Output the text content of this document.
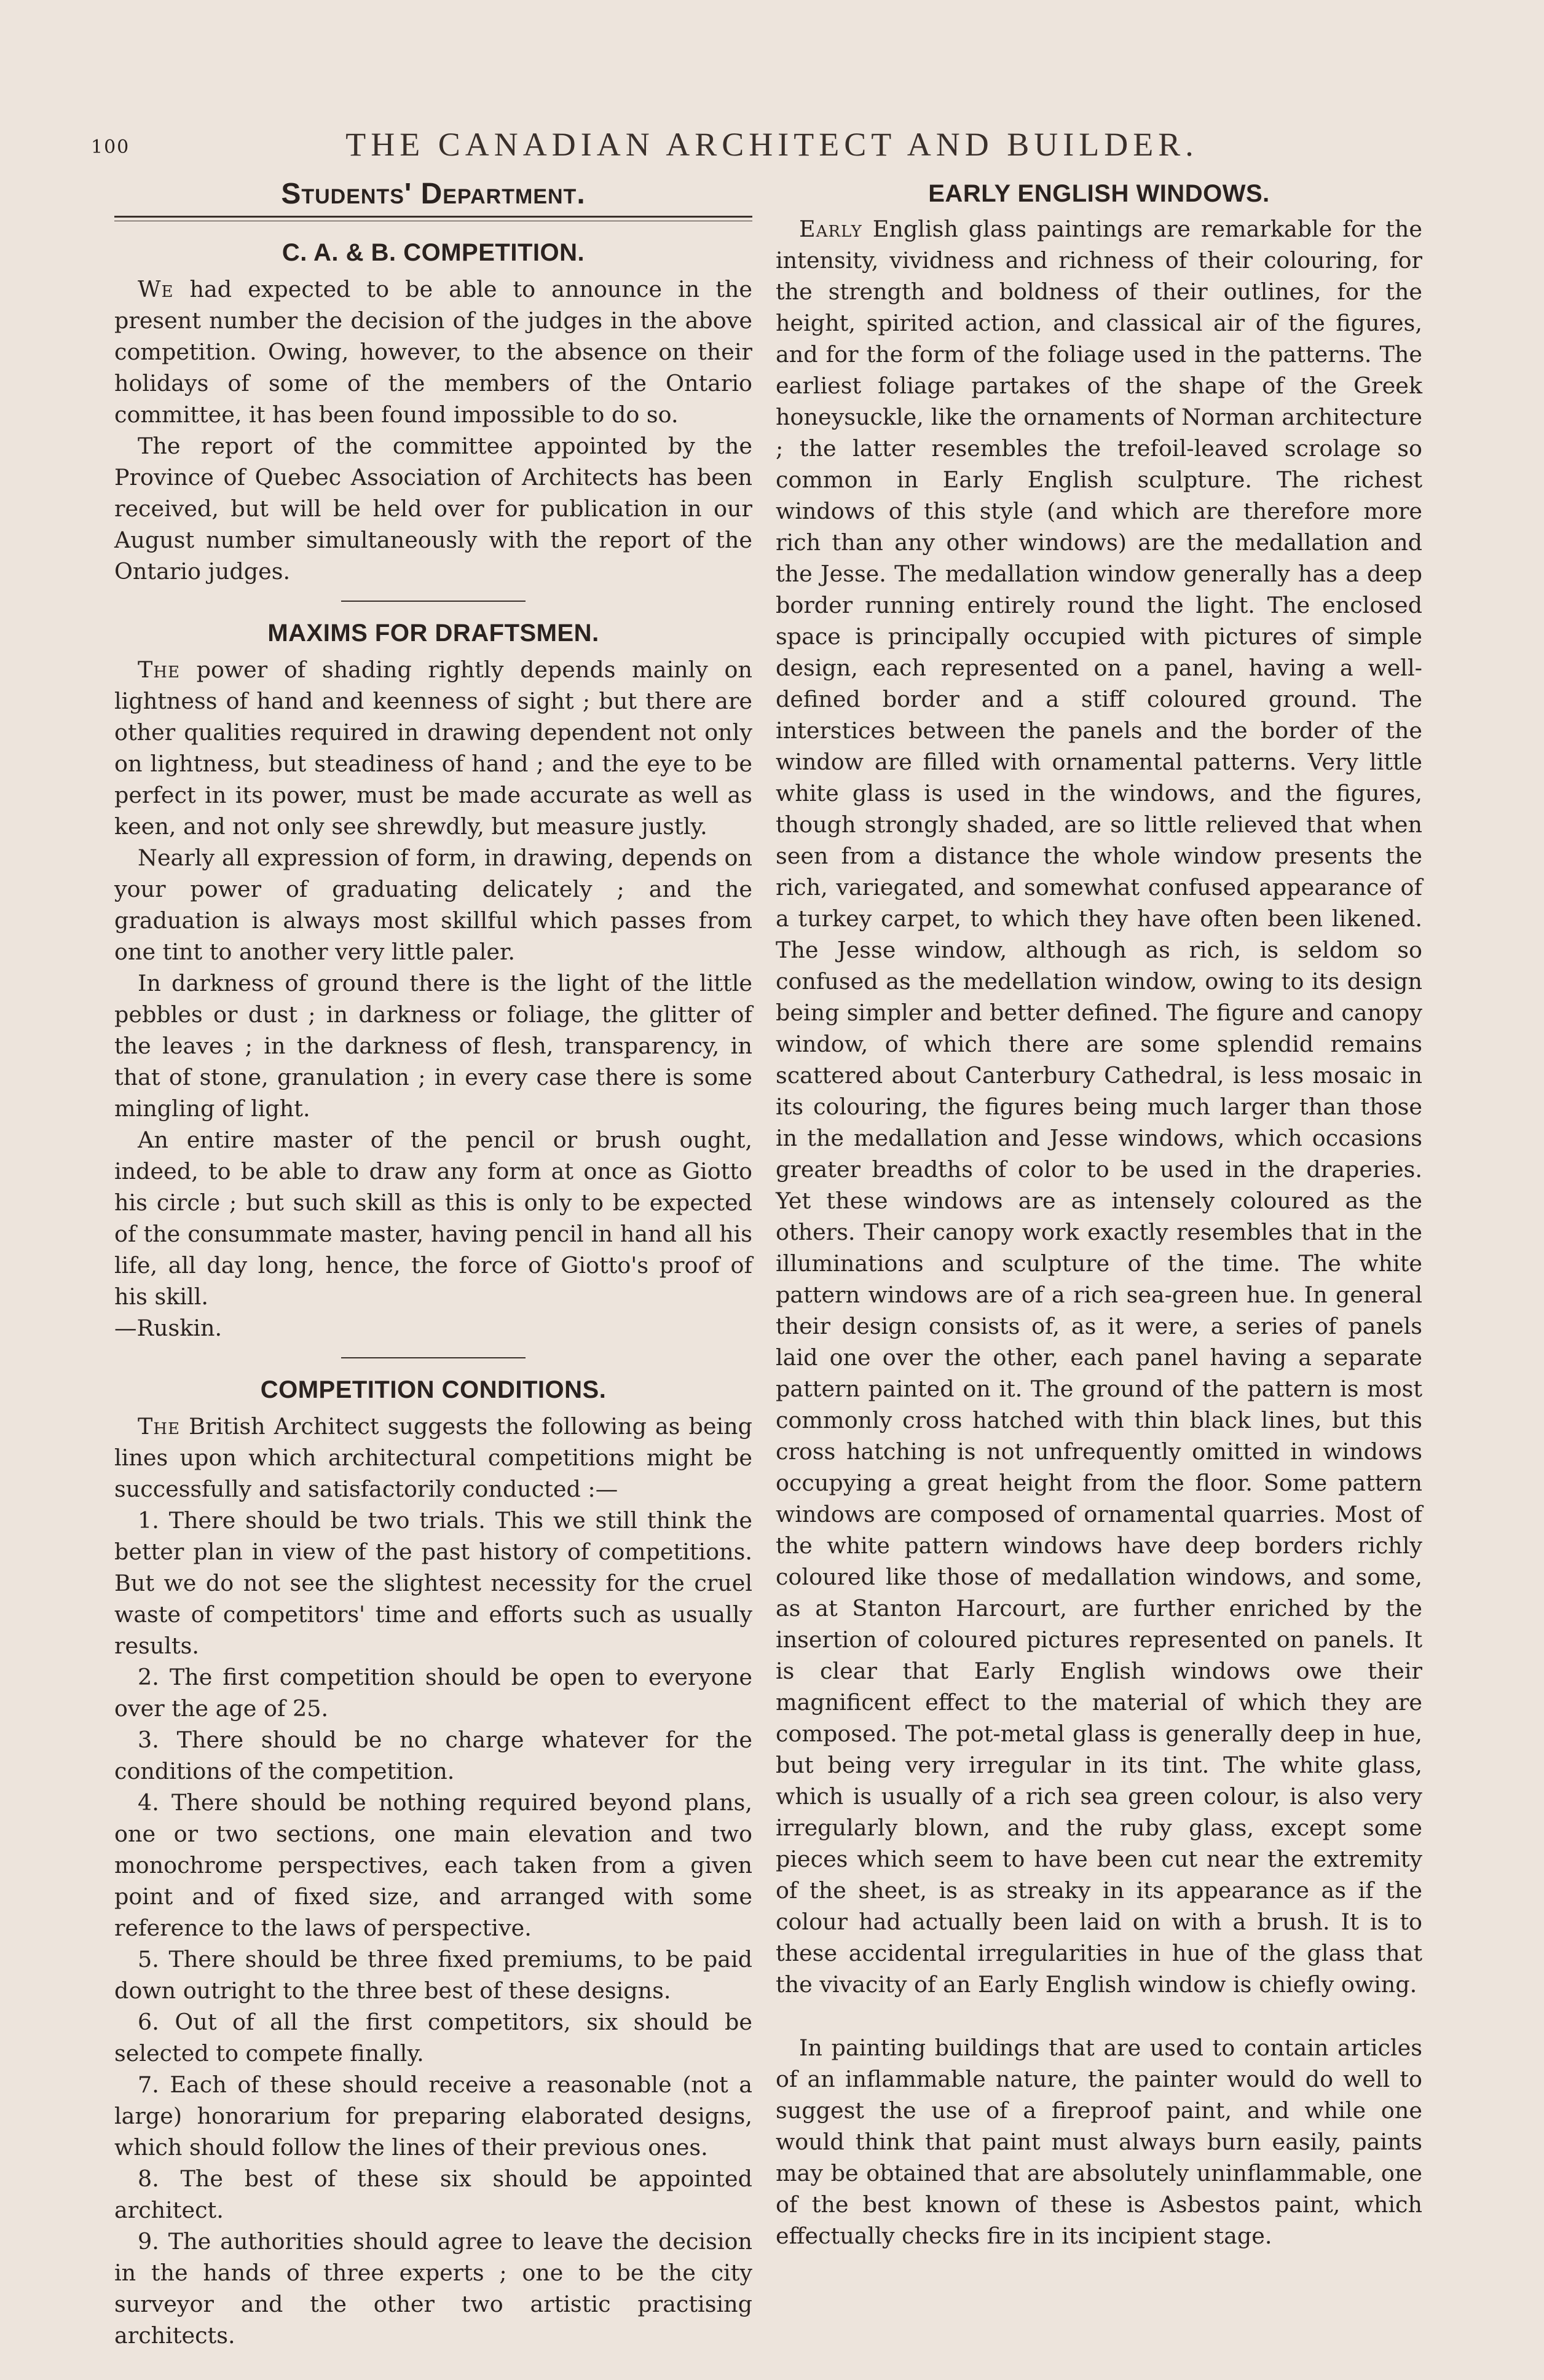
100	THE CANADIAN ARCHITECT AND BUILDER.
Students' Department.
C. A. & B. COMPETITION.

We had expected to be able to announce in the present number the decision of the judges in the above competition. Owing, however, to the absence on their holidays of some of the members of the Ontario committee, it has been found impossible to do so.

The report of the committee appointed by the Province of Quebec Association of Architects has been received, but will be held over for publication in our August number simultaneously with the report of the Ontario judges.

MAXIMS FOR DRAFTSMEN.

The power of shading rightly depends mainly on lightness of hand and keenness of sight ; but there are other qualities required in drawing dependent not only on lightness, but steadiness of hand ; and the eye to be perfect in its power, must be made accurate as well as keen, and not only see shrewdly, but measure justly.

Nearly all expression of form, in drawing, depends on your power of graduating delicately ; and the graduation is always most skillful which passes from one tint to another very little paler.

In darkness of ground there is the light of the little pebbles or dust ; in darkness or foliage, the glitter of the leaves ; in the darkness of flesh, transparency, in that of stone, granulation ; in every case there is some mingling of light.

An entire master of the pencil or brush ought, indeed, to be able to draw any form at once as Giotto his circle ; but such skill as this is only to be expected of the consummate master, having pencil in hand all his life, all day long, hence, the force of Giotto's proof of his skill.

—Ruskin.

COMPETITION CONDITIONS.

The British Architect suggests the following as being lines upon which architectural competitions might be successfully and satisfactorily conducted :—

1. There should be two trials. This we still think the better plan in view of the past history of competitions. But we do not see the slightest necessity for the cruel waste of competitors' time and efforts such as usually results.

2. The first competition should be open to everyone over the age of 25.

3. There should be no charge whatever for the conditions of the competition.

4. There should be nothing required beyond plans, one or two sections, one main elevation and two monochrome perspectives, each taken from a given point and of fixed size, and arranged with some reference to the laws of perspective.

5. There should be three fixed premiums, to be paid down outright to the three best of these designs.

6. Out of all the first competitors, six should be selected to compete finally.

7. Each of these should receive a reasonable (not a large) honorarium for preparing elaborated designs, which should follow the lines of their previous ones.

8. The best of these six should be appointed architect.

9. The authorities should agree to leave the decision in the hands of three experts ; one to be the city surveyor and the other two artistic practising architects.

EARLY ENGLISH WINDOWS.

Early English glass paintings are remarkable for the intensity, vividness and richness of their colouring, for the strength and boldness of their outlines, for the height, spirited action, and classical air of the figures, and for the form of the foliage used in the patterns. The earliest foliage partakes of the shape of the Greek honeysuckle, like the ornaments of Norman architecture ; the latter resembles the trefoil-leaved scrolage so common in Early English sculpture. The richest windows of this style (and which are therefore more rich than any other windows) are the medallation and the Jesse. The medallation window generally has a deep border running entirely round the light. The enclosed space is principally occupied with pictures of simple design, each represented on a panel, having a well-defined border and a stiff coloured ground. The interstices between the panels and the border of the window are filled with ornamental patterns. Very little white glass is used in the windows, and the figures, though strongly shaded, are so little relieved that when seen from a distance the whole window presents the rich, variegated, and somewhat confused appearance of a turkey carpet, to which they have often been likened. The Jesse window, although as rich, is seldom so confused as the medellation window, owing to its design being simpler and better defined. The figure and canopy window, of which there are some splendid remains scattered about Canterbury Cathedral, is less mosaic in its colouring, the figures being much larger than those in the medallation and Jesse windows, which occasions greater breadths of color to be used in the draperies. Yet these windows are as intensely coloured as the others. Their canopy work exactly resembles that in the illuminations and sculpture of the time. The white pattern windows are of a rich sea-green hue. In general their design consists of, as it were, a series of panels laid one over the other, each panel having a separate pattern painted on it. The ground of the pattern is most commonly cross hatched with thin black lines, but this cross hatching is not unfrequently omitted in windows occupying a great height from the floor. Some pattern windows are composed of ornamental quarries. Most of the white pattern windows have deep borders richly coloured like those of medallation windows, and some, as at Stanton Harcourt, are further enriched by the insertion of coloured pictures represented on panels. It is clear that Early English windows owe their magnificent effect to the material of which they are composed. The pot-metal glass is generally deep in hue, but being very irregular in its tint. The white glass, which is usually of a rich sea green colour, is also very irregularly blown, and the ruby glass, except some pieces which seem to have been cut near the extremity of the sheet, is as streaky in its appearance as if the colour had actually been laid on with a brush. It is to these accidental irregularities in hue of the glass that the vivacity of an Early English window is chiefly owing.

In painting buildings that are used to contain articles of an inflammable nature, the painter would do well to suggest the use of a fireproof paint, and while one would think that paint must always burn easily, paints may be obtained that are absolutely uninflammable, one of the best known of these is Asbestos paint, which effectually checks fire in its incipient stage.
